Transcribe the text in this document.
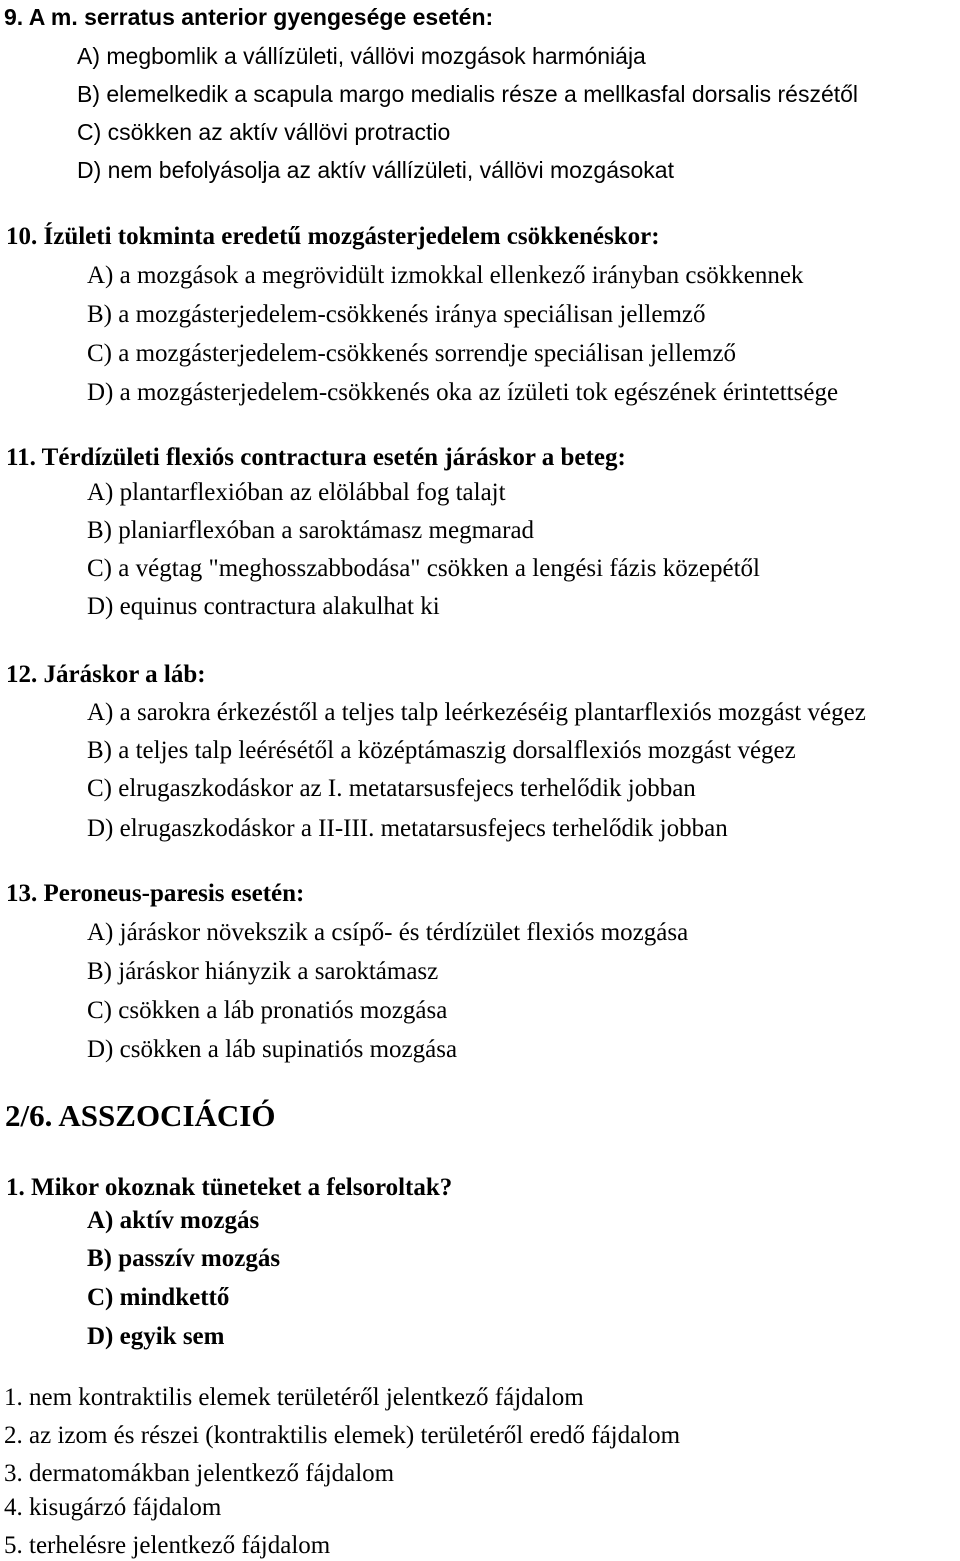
9. A m. serratus anterior gyengesége esetén:
A) megbomlik a vállízületi, vállövi mozgások harmóniája
B) elemelkedik a scapula margo medialis része a mellkasfal dorsalis részétől
C) csökken az aktív vállövi protractio
D) nem befolyásolja az aktív vállízületi, vállövi mozgásokat
10. Ízületi tokminta eredetű mozgásterjedelem csökkenéskor:
A) a mozgások a megrövidült izmokkal ellenkező irányban csökkennek
B) a mozgásterjedelem-csökkenés iránya speciálisan jellemző
C) a mozgásterjedelem-csökkenés sorrendje speciálisan jellemző
D) a mozgásterjedelem-csökkenés oka az ízületi tok egészének érintettsége
11. Térdízületi flexiós contractura esetén járáskor a beteg:
A) plantarflexióban az elölábbal fog talajt
B) planiarflexóban a saroktámasz megmarad
C) a végtag "meghosszabbodása" csökken a lengési fázis közepétől
D) equinus contractura alakulhat ki
12. Járáskor a láb:
A) a sarokra érkezéstől a teljes talp leérkezéséig plantarflexiós mozgást végez
B) a teljes talp leérésétől a középtámaszig dorsalflexiós mozgást végez
C) elrugaszkodáskor az I. metatarsusfejecs terhelődik jobban
D) elrugaszkodáskor a II-III. metatarsusfejecs terhelődik jobban
13. Peroneus-paresis esetén:
A) járáskor növekszik a csípő- és térdízület flexiós mozgása
B) járáskor hiányzik a saroktámasz
C) csökken a láb pronatiós mozgása
D) csökken a láb supinatiós mozgása
2/6. ASSZOCIÁCIÓ
1. Mikor okoznak tüneteket a felsoroltak?
A) aktív mozgás
B) passzív mozgás
C) mindkettő
D) egyik sem
1. nem kontraktilis elemek területéről jelentkező fájdalom
2. az izom és részei (kontraktilis elemek) területéről eredő fájdalom
3. dermatomákban jelentkező fájdalom
4. kisugárzó fájdalom
5. terhelésre jelentkező fájdalom
